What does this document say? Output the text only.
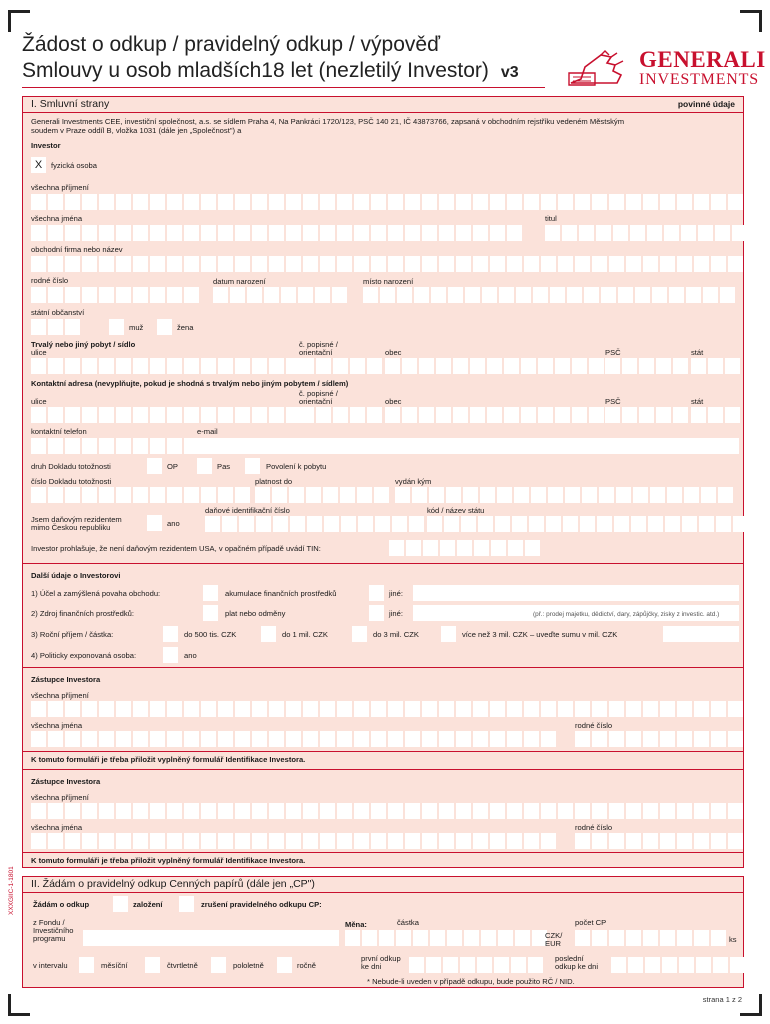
Žádost o odkup / pravidelný odkup / výpověď
Smlouvy u osob mladších18 let (nezletilý Investor) v3
GENERALI
INVESTMENTS
I. Smluvní strany	povinné údaje
Generali Investments CEE, investiční společnost, a.s. se sídlem Praha 4, Na Pankráci 1720/123, PSČ 140 21, IČ 43873766, zapsaná v obchodním rejstříku vedeném Městským
soudem v Praze oddíl B, vložka 1031 (dále jen „Společnost") a
Investor
X	fyzická osoba
všechna příjmení
všechna jména	titul
obchodní firma nebo název
rodné číslo	datum narození	místo narození
státní občanství
muž	žena
Trvalý nebo jiný pobyt / sídlo
ulice
č. popisné /
orientační	obec	PSČ	stát
Kontaktní adresa (nevyplňujte, pokud je shodná s trvalým nebo jiným pobytem / sídlem)
č. popisné /
ulice	orientační	obec	PSČ	stát
kontaktní telefon	e-mail
druh Dokladu totožnosti	OP	Pas	Povolení k pobytu
číslo Dokladu totožnosti	platnost do	vydán kým
daňové identifikační číslo	kód / název státu
Jsem daňovým rezidentem
mimo Českou republiku	ano
Investor prohlašuje, že není daňovým rezidentem USA, v opačném případě uvádí TIN:
Další údaje o Investorovi
1) Účel a zamýšlená povaha obchodu:	akumulace finančních prostředků	jiné:
2) Zdroj finančních prostředků:	plat nebo odměny	jiné:	(př.: prodej majetku, dědictví, dary, zápůjčky, zisky z investic. atd.)
3) Roční příjem / částka:	do 500 tis. CZK	do 1 mil. CZK	do 3 mil. CZK	více než 3 mil. CZK – uveďte sumu v mil. CZK
4) Politicky exponovaná osoba:	ano
Zástupce Investora
všechna příjmení
všechna jména	rodné číslo
K tomuto formuláři je třeba přiložit vyplněný formulář Identifikace Investora.
Zástupce Investora
všechna příjmení
všechna jména	rodné číslo
K tomuto formuláři je třeba přiložit vyplněný formulář Identifikace Investora.
II. Žádám o pravidelný odkup Cenných papírů (dále jen „CP")
Žádám o odkup	založení	zrušení pravidelného odkupu CP:
z Fondu /
Investičního
programu
Měna:	částka
CZK/
EUR
počet CP
ks
v intervalu	měsíční	čtvrtletně	pololetně	ročně
první odkup
ke dni
poslední
odkup ke dni
* Nebude-li uveden v případě odkupu, bude použito RČ / NID.
XXXGIIC-1-1801
strana 1 z 2
